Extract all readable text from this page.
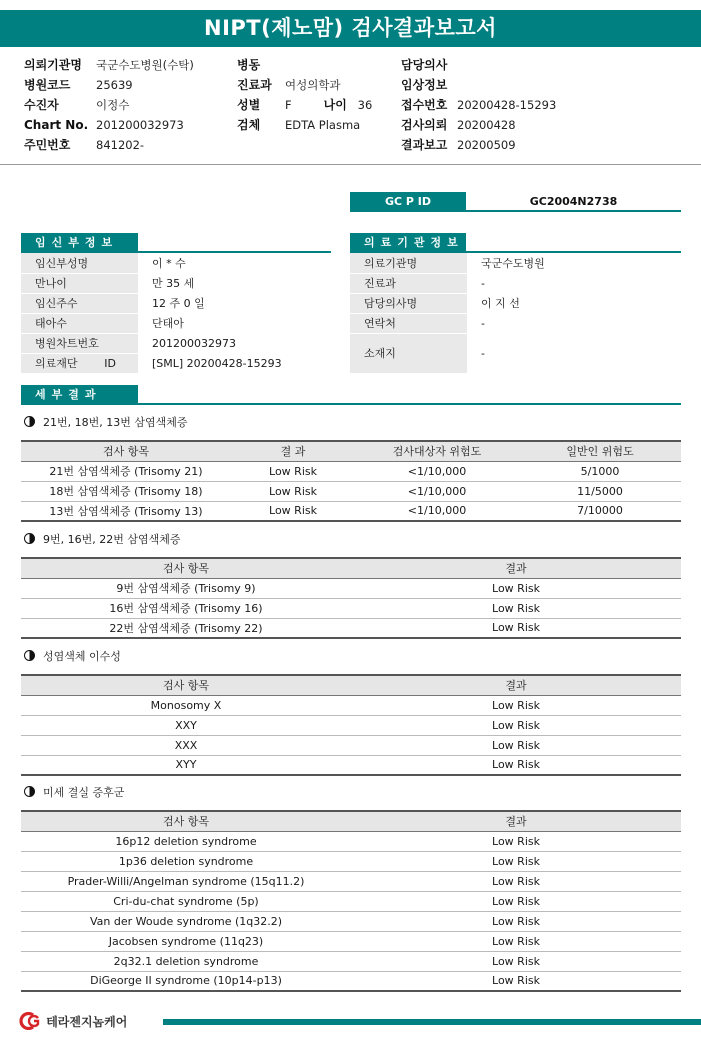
NIPT(제노맘) 검사결과보고서
의뢰기관명 국군수도병원(수탁)
병원코드 25639
수진자	이정수
Chart No. 201200032973
주민번호 841202-
병동
진료과 여성의학과
성별 F	나이 36
검체 EDTA Plasma
담당의사
임상정보
접수번호 20200428-15293
검사의뢰 20200428
결과보고 20200509
GC P ID	GC2004N2738
임신부정보
임신부성명	이 * 수
만나이	만 35 세
임신주수	12 주 0 일
태아수	단태아
병원차트번호	201200032973
의료재단 ID	[SML] 20200428-15293
의료기관정보
의료기관명	국군수도병원
진료과	-
담당의사명	이 지 선
연락처	-
소재지	-
세부결과
21번, 18번, 13번 삼염색체증
검사 항목	결 과	검사대상자 위험도	일반인 위험도
21번 삼염색체증 (Trisomy 21)	Low Risk	<1/10,000	5/1000
18번 삼염색체증 (Trisomy 18)	Low Risk	<1/10,000	11/5000
13번 삼염색체증 (Trisomy 13)	Low Risk	<1/10,000	7/10000
9번, 16번, 22번 삼염색체증
검사 항목	결과
9번 삼염색체증 (Trisomy 9)	Low Risk
16번 삼염색체증 (Trisomy 16)	Low Risk
22번 삼염색체증 (Trisomy 22)	Low Risk
성염색체 이수성
검사 항목	결과
Monosomy X	Low Risk
XXY	Low Risk
XXX	Low Risk
XYY	Low Risk
미세 결실 증후군
검사 항목	결과
16p12 deletion syndrome	Low Risk
1p36 deletion syndrome	Low Risk
Prader-Willi/Angelman syndrome (15q11.2)	Low Risk
Cri-du-chat syndrome (5p)	Low Risk
Van der Woude syndrome (1q32.2)	Low Risk
Jacobsen syndrome (11q23)	Low Risk
2q32.1 deletion syndrome	Low Risk
DiGeorge II syndrome (10p14-p13)	Low Risk
테라젠지놈케어
